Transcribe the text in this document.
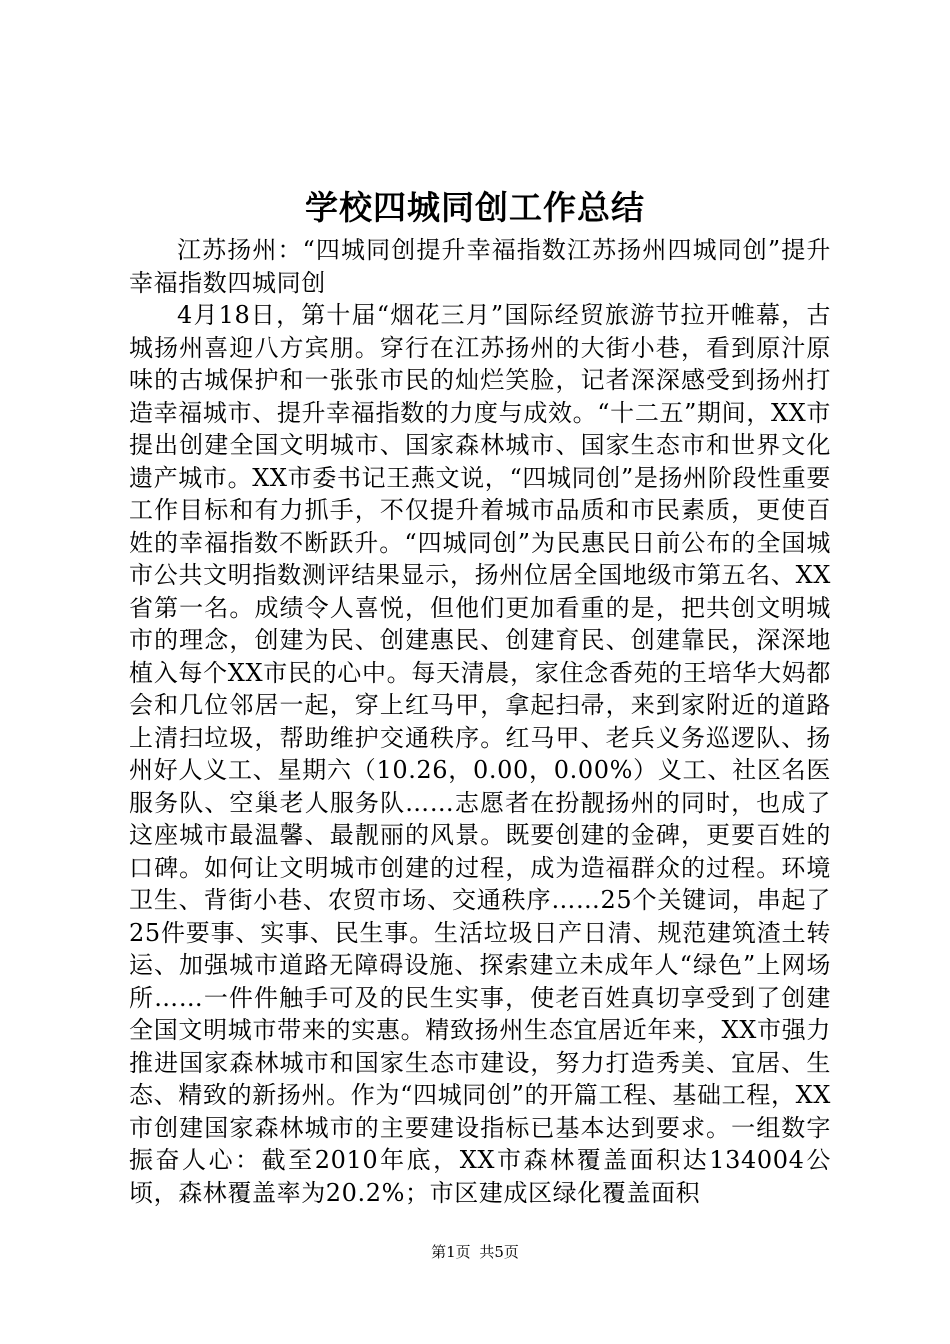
学校四城同创工作总结

江苏扬州：“四城同创提升幸福指数江苏扬州四城同创”提升幸福指数四城同创

4月18日，第十届“烟花三月”国际经贸旅游节拉开帷幕，古城扬州喜迎八方宾朋。穿行在江苏扬州的大街小巷，看到原汁原味的古城保护和一张张市民的灿烂笑脸，记者深深感受到扬州打造幸福城市、提升幸福指数的力度与成效。“十二五”期间，XX市提出创建全国文明城市、国家森林城市、国家生态市和世界文化遗产城市。XX市委书记王燕文说，“四城同创”是扬州阶段性重要工作目标和有力抓手，不仅提升着城市品质和市民素质，更使百姓的幸福指数不断跃升。“四城同创”为民惠民日前公布的全国城市公共文明指数测评结果显示，扬州位居全国地级市第五名、XX省第一名。成绩令人喜悦，但他们更加看重的是，把共创文明城市的理念，创建为民、创建惠民、创建育民、创建靠民，深深地植入每个XX市民的心中。每天清晨，家住念香苑的王培华大妈都会和几位邻居一起，穿上红马甲，拿起扫帚，来到家附近的道路上清扫垃圾，帮助维护交通秩序。红马甲、老兵义务巡逻队、扬州好人义工、星期六（10.26，0.00，0.00%）义工、社区名医服务队、空巢老人服务队……志愿者在扮靓扬州的同时，也成了这座城市最温馨、最靓丽的风景。既要创建的金碑，更要百姓的口碑。如何让文明城市创建的过程，成为造福群众的过程。环境卫生、背街小巷、农贸市场、交通秩序……25个关键词，串起了25件要事、实事、民生事。生活垃圾日产日清、规范建筑渣土转运、加强城市道路无障碍设施、探索建立未成年人“绿色”上网场所……一件件触手可及的民生实事，使老百姓真切享受到了创建全国文明城市带来的实惠。精致扬州生态宜居近年来，XX市强力推进国家森林城市和国家生态市建设，努力打造秀美、宜居、生态、精致的新扬州。作为“四城同创”的开篇工程、基础工程，XX市创建国家森林城市的主要建设指标已基本达到要求。一组数字振奋人心：截至2010年底，XX市森林覆盖面积达134004公顷，森林覆盖率为20.2%；市区建成区绿化覆盖面积

第1页 共5页
